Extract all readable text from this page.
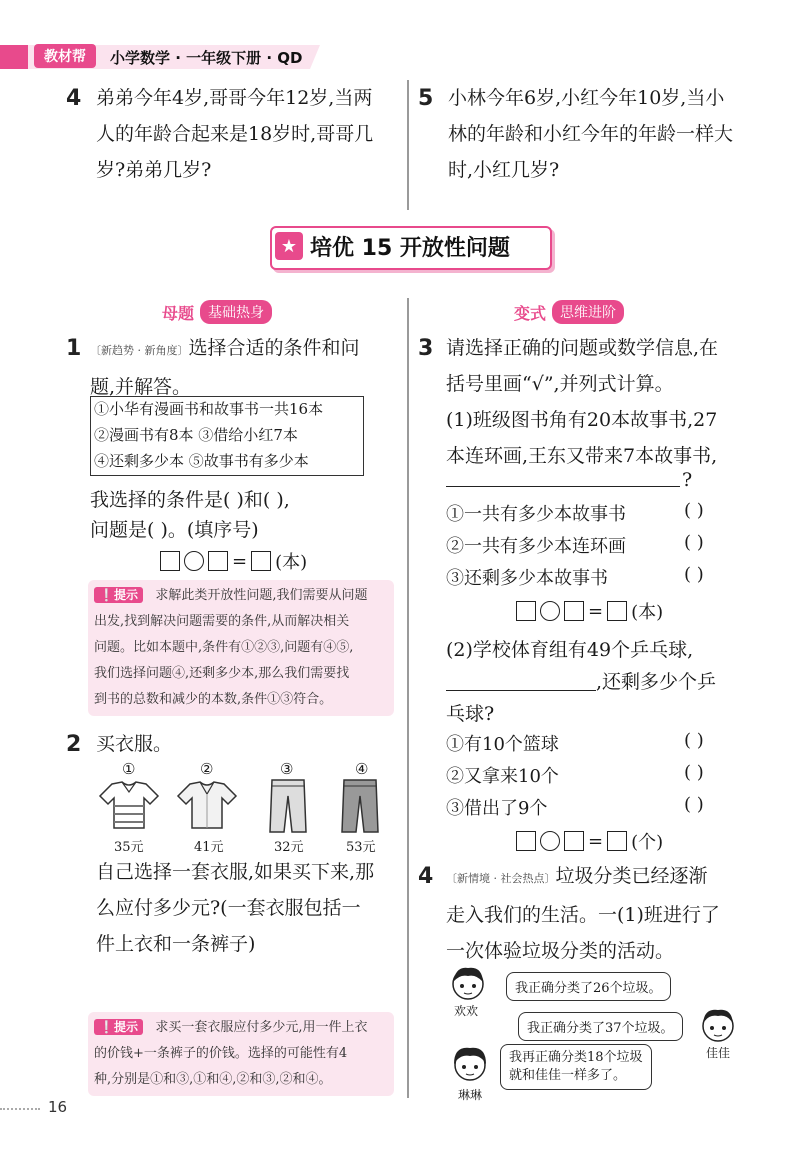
教材帮	小学数学 · 一年级下册 · QD
4 弟弟今年4岁,哥哥今年12岁,当两
人的年龄合起来是18岁时,哥哥几
岁?弟弟几岁?
5 小林今年6岁,小红今年10岁,当小
林的年龄和小红今年的年龄一样大
时,小红几岁?
★ 培优 15 开放性问题
母题	基础热身
1 〔新趋势 · 新角度〕选择合适的条件和问
题,并解答。
①小华有漫画书和故事书一共16本
②漫画书有8本 ③借给小红7本
④还剩多少本 ⑤故事书有多少本
我选择的条件是( )和( ),
问题是( )。(填序号)
= (本)
❕提示 求解此类开放性问题,我们需要从问题
出发,找到解决问题需要的条件,从而解决相关
问题。比如本题中,条件有①②③,问题有④⑤,
我们选择问题④,还剩多少本,那么我们需要找
到书的总数和减少的本数,条件①③符合。
2 买衣服。
①	②	③	④
35元	41元	32元	53元
自己选择一套衣服,如果买下来,那
么应付多少元?(一套衣服包括一
件上衣和一条裤子)
❕提示 求买一套衣服应付多少元,用一件上衣
的价钱+一条裤子的价钱。选择的可能性有4
种,分别是①和③,①和④,②和③,②和④。
变式	思维进阶
3 请选择正确的问题或数学信息,在
括号里画“√”,并列式计算。
(1)班级图书角有20本故事书,27
本连环画,王东又带来7本故事书,
?
①一共有多少本故事书	( )
②一共有多少本连环画	( )
③还剩多少本故事书	( )
= (本)
(2)学校体育组有49个乒乓球,
,还剩多少个乒
乓球?
①有10个篮球	( )
②又拿来10个	( )
③借出了9个	( )
= (个)
4 〔新情境 · 社会热点〕垃圾分类已经逐渐
走入我们的生活。一(1)班进行了
一次体验垃圾分类的活动。
欢欢
我正确分类了26个垃圾。
我正确分类了37个垃圾。
佳佳
我再正确分类18个垃圾
就和佳佳一样多了。
琳琳
16
